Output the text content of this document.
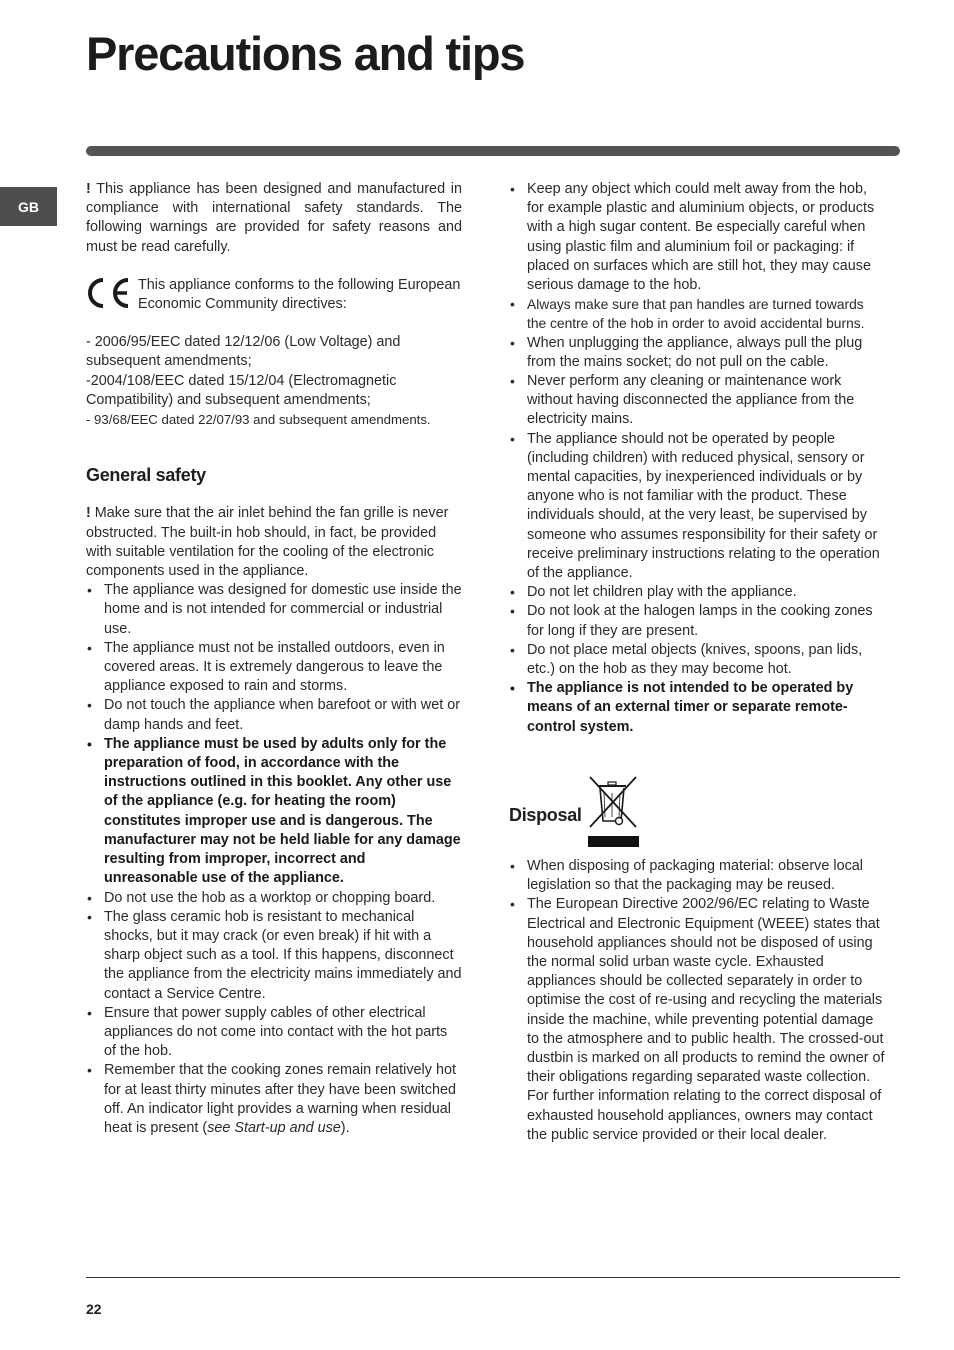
Precautions and tips
GB

! This appliance has been designed and manufactured in compliance with international safety standards. The following warnings are provided for safety reasons and must be read carefully.

This appliance conforms to the following European Economic Community directives:

- 2006/95/EEC dated 12/12/06 (Low Voltage) and subsequent amendments;

-2004/108/EEC dated 15/12/04 (Electromagnetic Compatibility) and subsequent amendments;

- 93/68/EEC dated 22/07/93 and subsequent amendments.

General safety

! Make sure that the air inlet behind the fan grille is never obstructed. The built-in hob should, in fact, be provided with suitable ventilation for the cooling of the electronic components used in the appliance.

• The appliance was designed for domestic use inside the home and is not intended for commercial or industrial use.
• The appliance must not be installed outdoors, even in covered areas. It is extremely dangerous to leave the appliance exposed to rain and storms.
• Do not touch the appliance when barefoot or with wet or damp hands and feet.
• The appliance must be used by adults only for the preparation of food, in accordance with the instructions outlined in this booklet. Any other use of the appliance (e.g. for heating the room) constitutes improper use and is dangerous. The manufacturer may not be held liable for any damage resulting from improper, incorrect and unreasonable use of the appliance.
• Do not use the hob as a worktop or chopping board.
• The glass ceramic hob is resistant to mechanical shocks, but it may crack (or even break) if hit with a sharp object such as a tool. If this happens, disconnect the appliance from the electricity mains immediately and contact a Service Centre.
• Ensure that power supply cables of other electrical appliances do not come into contact with the hot parts of the hob.
• Remember that the cooking zones remain relatively hot for at least thirty minutes after they have been switched off. An indicator light provides a warning when residual heat is present (see Start-up and use).
• Keep any object which could melt away from the hob, for example plastic and aluminium objects, or products with a high sugar content. Be especially careful when using plastic film and aluminium foil or packaging: if placed on surfaces which are still hot, they may cause serious damage to the hob.
• Always make sure that pan handles are turned towards the centre of the hob in order to avoid accidental burns.
• When unplugging the appliance, always pull the plug from the mains socket; do not pull on the cable.
• Never perform any cleaning or maintenance work without having disconnected the appliance from the electricity mains.
• The appliance should not be operated by people (including children) with reduced physical, sensory or mental capacities, by inexperienced individuals or by anyone who is not familiar with the product. These individuals should, at the very least, be supervised by someone who assumes responsibility for their safety or receive preliminary instructions relating to the operation of the appliance.
• Do not let children play with the appliance.
• Do not look at the halogen lamps in the cooking zones for long if they are present.
• Do not place metal objects (knives, spoons, pan lids, etc.) on the hob as they may become hot.
• The appliance is not intended to be operated by means of an external timer or separate remote-control system.
Disposal
• When disposing of packaging material: observe local legislation so that the packaging may be reused.
• The European Directive 2002/96/EC relating to Waste Electrical and Electronic Equipment (WEEE) states that household appliances should not be disposed of using the normal solid urban waste cycle. Exhausted appliances should be collected separately in order to optimise the cost of re-using and recycling the materials inside the machine, while preventing potential damage to the atmosphere and to public health. The crossed-out dustbin is marked on all products to remind the owner of their obligations regarding separated waste collection.
For further information relating to the correct disposal of exhausted household appliances, owners may contact the public service provided or their local dealer.
22
